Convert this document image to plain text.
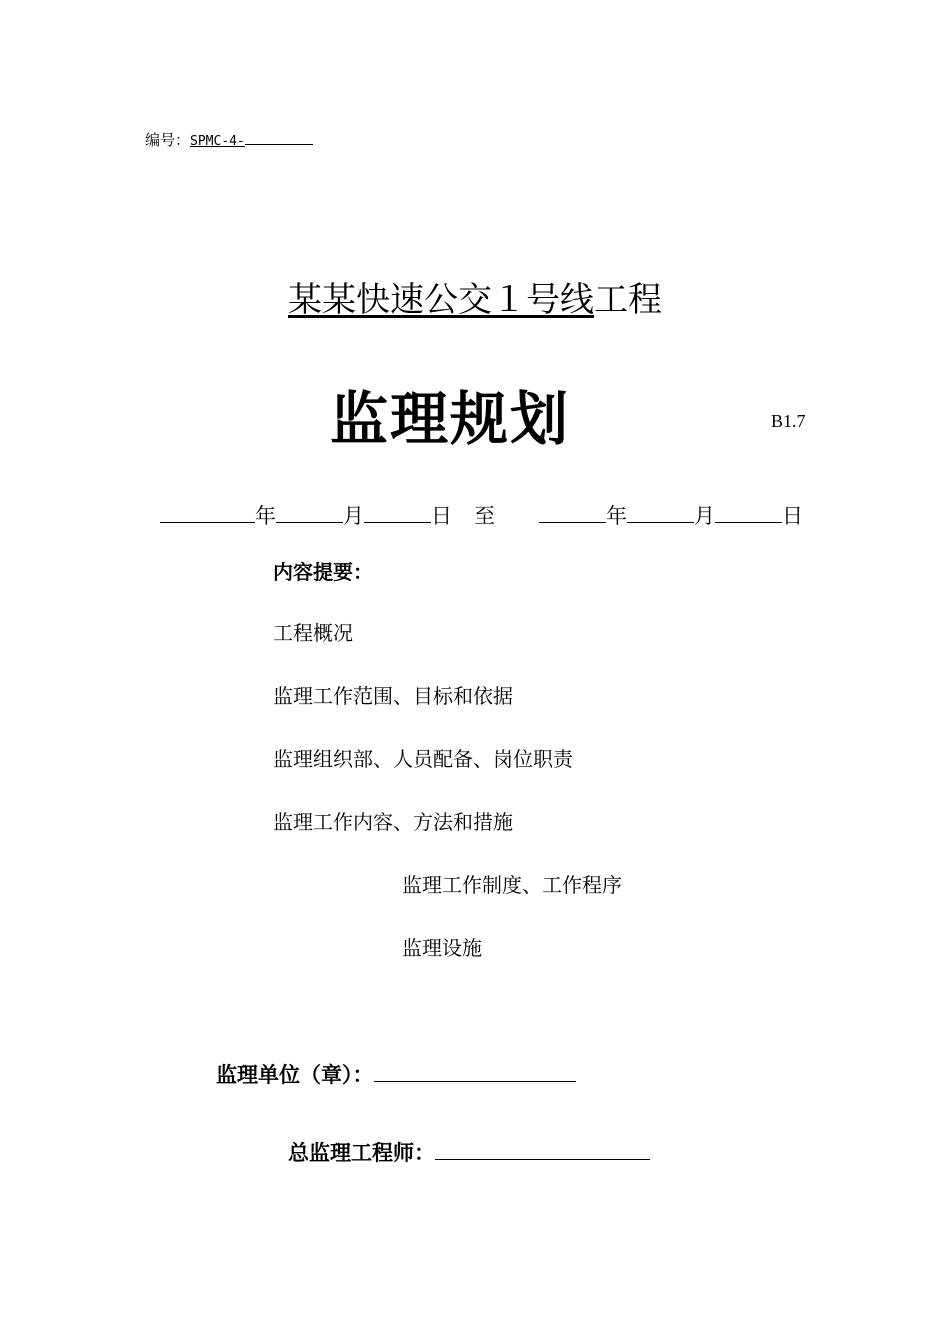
编号：SPMC-4-
某某快速公交１号线工程
监理规划	B1.7
年	月	日 至	年	月	日
内容提要：
工程概况
监理工作范围、目标和依据
监理组织部、人员配备、岗位职责
监理工作内容、方法和措施
监理工作制度、工作程序
监理设施
监理单位（章）：
总监理工程师：
